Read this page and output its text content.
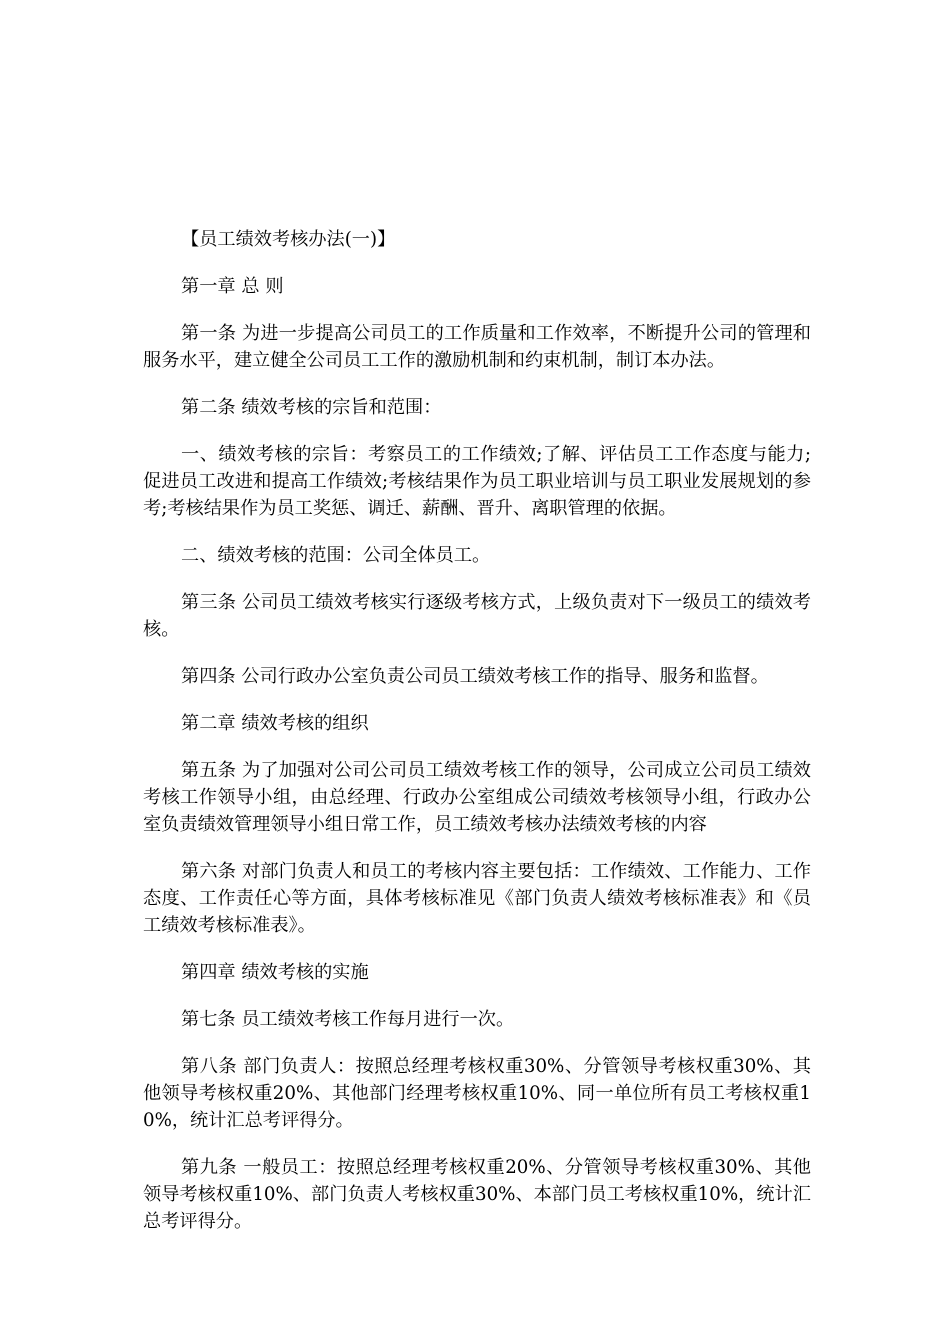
【员工绩效考核办法(一)】

第一章 总 则

第一条 为进一步提高公司员工的工作质量和工作效率，不断提升公司的管理和服务水平，建立健全公司员工工作的激励机制和约束机制，制订本办法。

第二条 绩效考核的宗旨和范围：

一、绩效考核的宗旨：考察员工的工作绩效;了解、评估员工工作态度与能力;促进员工改进和提高工作绩效;考核结果作为员工职业培训与员工职业发展规划的参考;考核结果作为员工奖惩、调迁、薪酬、晋升、离职管理的依据。

二、绩效考核的范围：公司全体员工。

第三条 公司员工绩效考核实行逐级考核方式，上级负责对下一级员工的绩效考核。

第四条 公司行政办公室负责公司员工绩效考核工作的指导、服务和监督。

第二章 绩效考核的组织

第五条 为了加强对公司公司员工绩效考核工作的领导，公司成立公司员工绩效考核工作领导小组，由总经理、行政办公室组成公司绩效考核领导小组，行政办公室负责绩效管理领导小组日常工作，员工绩效考核办法绩效考核的内容

第六条 对部门负责人和员工的考核内容主要包括：工作绩效、工作能力、工作态度、工作责任心等方面，具体考核标准见《部门负责人绩效考核标准表》和《员工绩效考核标准表》。

第四章 绩效考核的实施

第七条 员工绩效考核工作每月进行一次。

第八条 部门负责人：按照总经理考核权重30%、分管领导考核权重30%、其他领导考核权重20%、其他部门经理考核权重10%、同一单位所有员工考核权重10%，统计汇总考评得分。

第九条 一般员工：按照总经理考核权重20%、分管领导考核权重30%、其他领导考核权重10%、部门负责人考核权重30%、本部门员工考核权重10%，统计汇总考评得分。
